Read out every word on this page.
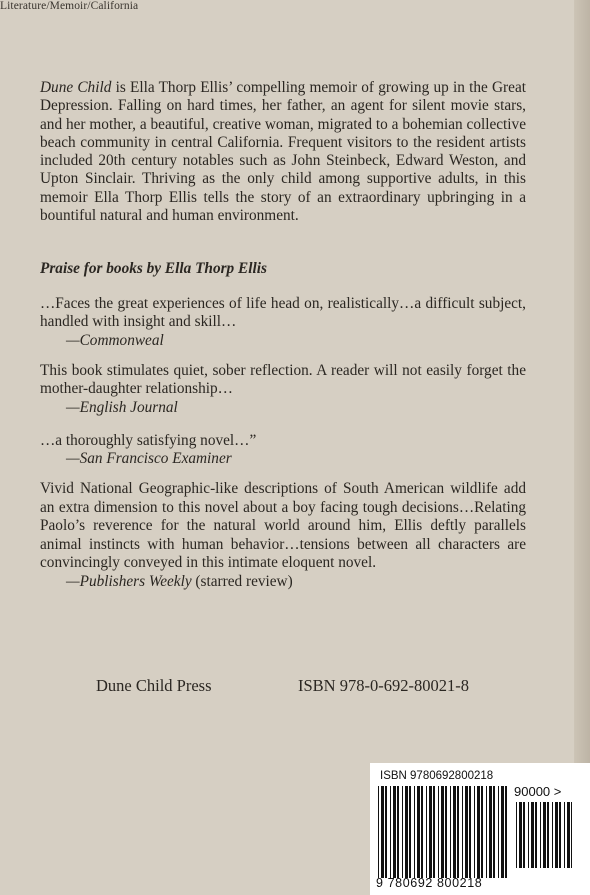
Literature/Memoir/California

Dune Child is Ella Thorp Ellis’ compelling memoir of growing up in the Great Depression. Falling on hard times, her father, an agent for silent movie stars, and her mother, a beautiful, creative woman, migrated to a bohemian collective beach community in central California. Frequent visitors to the resident artists included 20th century notables such as John Steinbeck, Edward Weston, and Upton Sinclair. Thriving as the only child among supportive adults, in this memoir Ella Thorp Ellis tells the story of an extraordinary upbringing in a bountiful natural and human environment.

Praise for books by Ella Thorp Ellis

…Faces the great experiences of life head on, realistically…a difficult subject, handled with insight and skill…

—Commonweal

This book stimulates quiet, sober reflection. A reader will not easily forget the mother-daughter relationship…

—English Journal

…a thoroughly satisfying novel…”

—San Francisco Examiner

Vivid National Geographic-like descriptions of South American wildlife add an extra dimension to this novel about a boy facing tough decisions…Relating Paolo’s reverence for the natural world around him, Ellis deftly parallels animal instincts with human behavior…tensions between all characters are convincingly conveyed in this intimate eloquent novel.

—Publishers Weekly (starred review)

Dune Child Press	ISBN 978-0-692-80021-8
ISBN 9780692800218
90000 >
9 780692 800218
